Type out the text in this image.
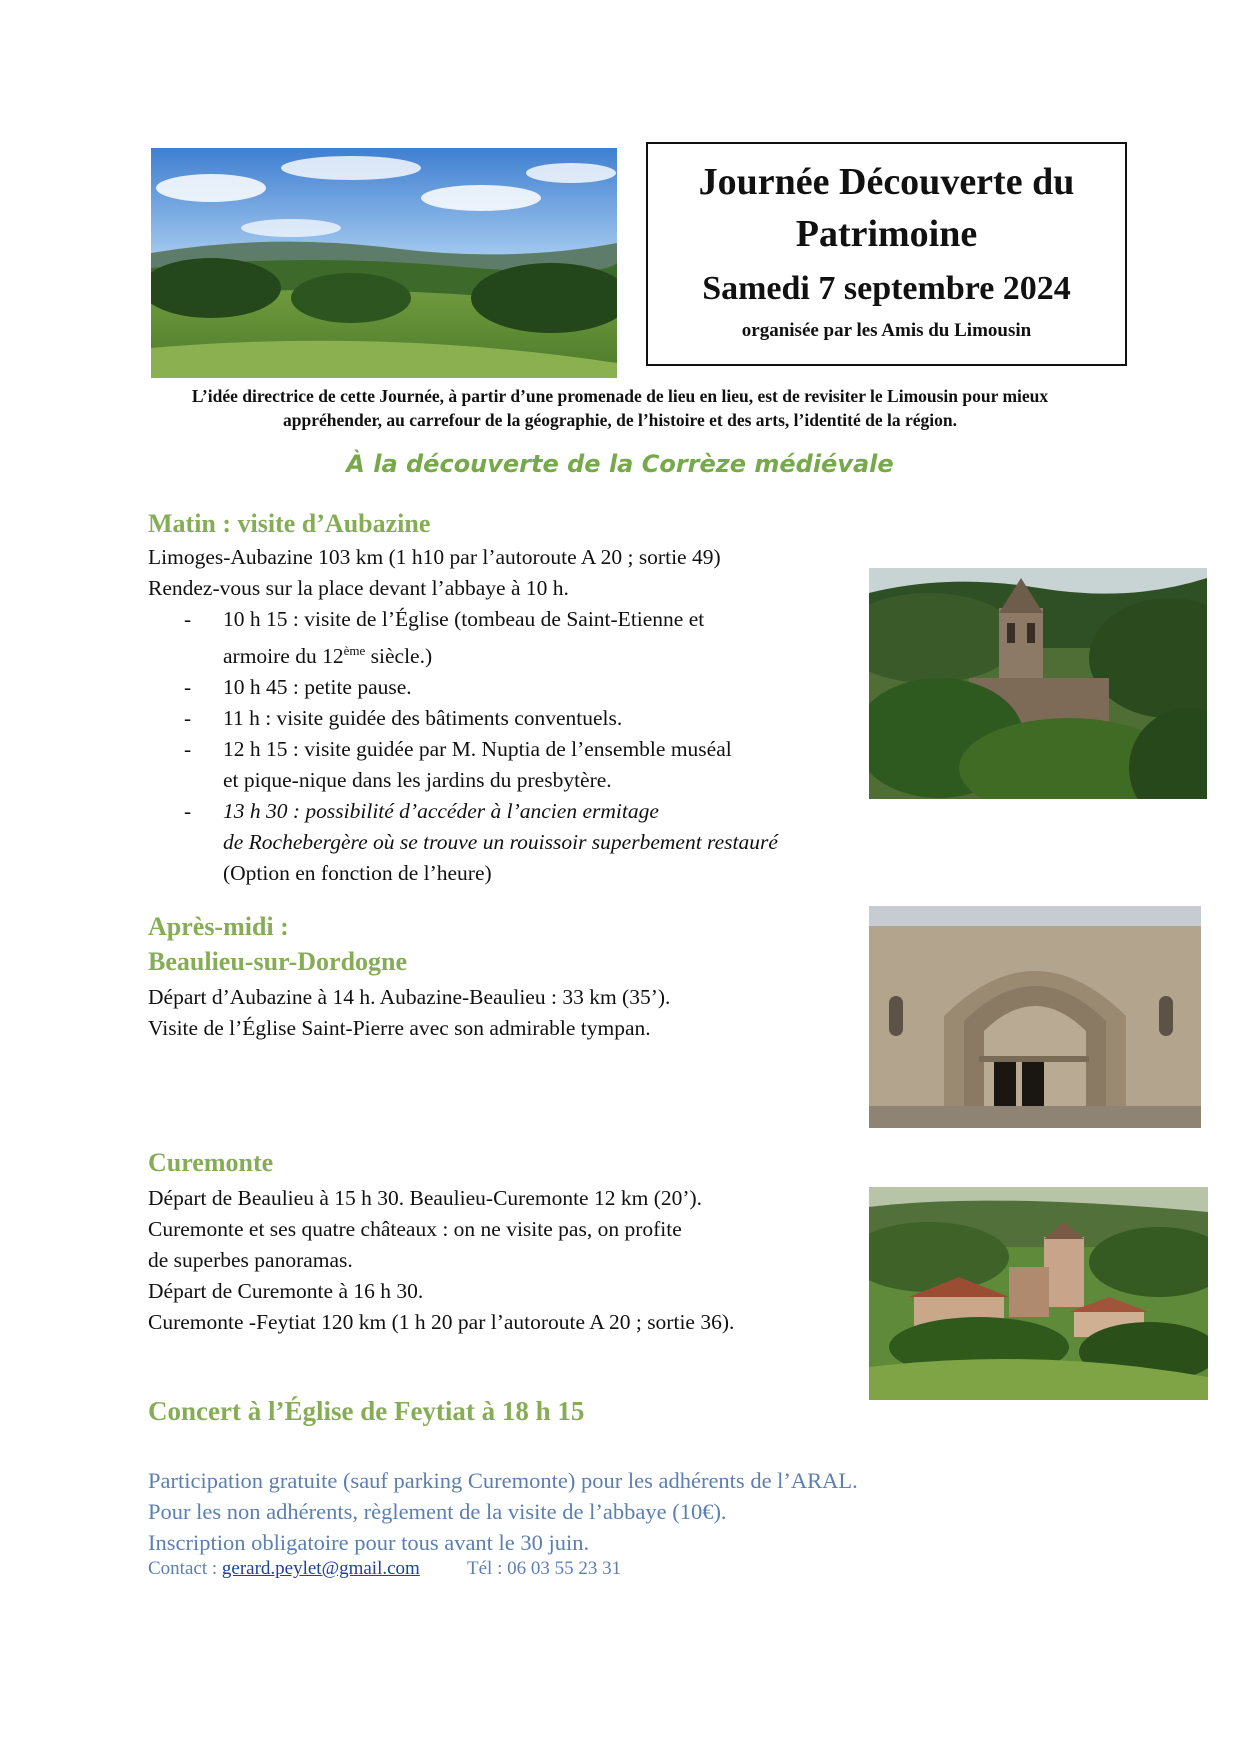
Journée Découverte du
Patrimoine
Samedi 7 septembre 2024
organisée par les Amis du Limousin
L’idée directrice de cette Journée, à partir d’une promenade de lieu en lieu, est de revisiter le Limousin pour mieux
appréhender, au carrefour de la géographie, de l’histoire et des arts, l’identité de la région.
À la découverte de la Corrèze médiévale
Matin : visite d’Aubazine
Limoges-Aubazine 103 km (1 h10 par l’autoroute A 20 ; sortie 49)
Rendez-vous sur la place devant l’abbaye à 10 h.
- 10 h 15 : visite de l’Église (tombeau de Saint-Etienne et
armoire du 12ème siècle.)
- 10 h 45 : petite pause.
- 11 h : visite guidée des bâtiments conventuels.
- 12 h 15 : visite guidée par M. Nuptia de l’ensemble muséal
et pique-nique dans les jardins du presbytère.
- 13 h 30 : possibilité d’accéder à l’ancien ermitage
de Rochebergère où se trouve un rouissoir superbement restauré
(Option en fonction de l’heure)
Après-midi :
Beaulieu-sur-Dordogne
Départ d’Aubazine à 14 h. Aubazine-Beaulieu : 33 km (35’).
Visite de l’Église Saint-Pierre avec son admirable tympan.
Curemonte
Départ de Beaulieu à 15 h 30. Beaulieu-Curemonte 12 km (20’).
Curemonte et ses quatre châteaux : on ne visite pas, on profite
de superbes panoramas.
Départ de Curemonte à 16 h 30.
Curemonte -Feytiat 120 km (1 h 20 par l’autoroute A 20 ; sortie 36).
Concert à l’Église de Feytiat à 18 h 15
Participation gratuite (sauf parking Curemonte) pour les adhérents de l’ARAL.
Pour les non adhérents, règlement de la visite de l’abbaye (10€).
Inscription obligatoire pour tous avant le 30 juin.
Contact : gerard.peylet@gmail.com Tél : 06 03 55 23 31
